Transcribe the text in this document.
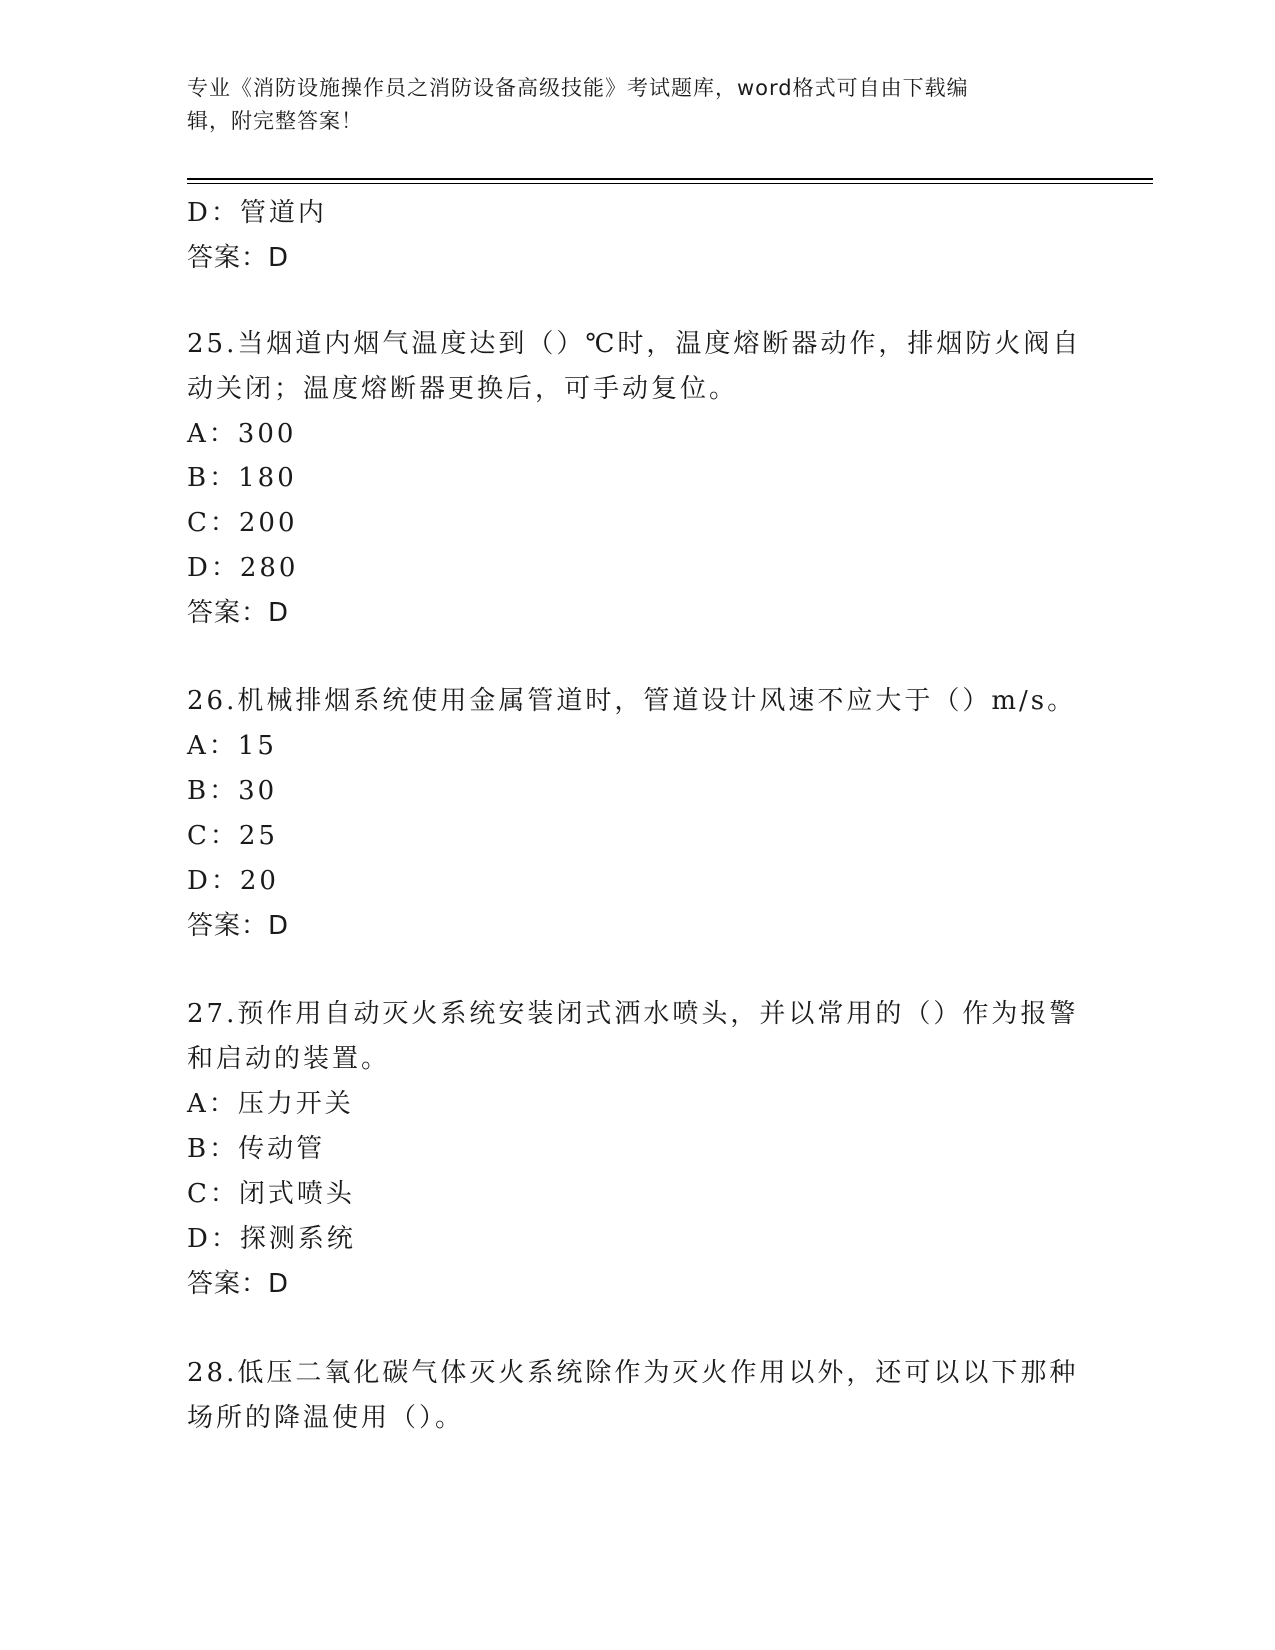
专业《消防设施操作员之消防设备高级技能》考试题库，word格式可自由下载编
辑，附完整答案！
D：管道内
答案：D
25.当烟道内烟气温度达到（）℃时，温度熔断器动作，排烟防火阀自
动关闭；温度熔断器更换后，可手动复位。
A：300
B：180
C：200
D：280
答案：D
26.机械排烟系统使用金属管道时，管道设计风速不应大于（）m/s。
A：15
B：30
C：25
D：20
答案：D
27.预作用自动灭火系统安装闭式洒水喷头，并以常用的（）作为报警
和启动的装置。
A：压力开关
B：传动管
C：闭式喷头
D：探测系统
答案：D
28.低压二氧化碳气体灭火系统除作为灭火作用以外，还可以以下那种
场所的降温使用（）。
